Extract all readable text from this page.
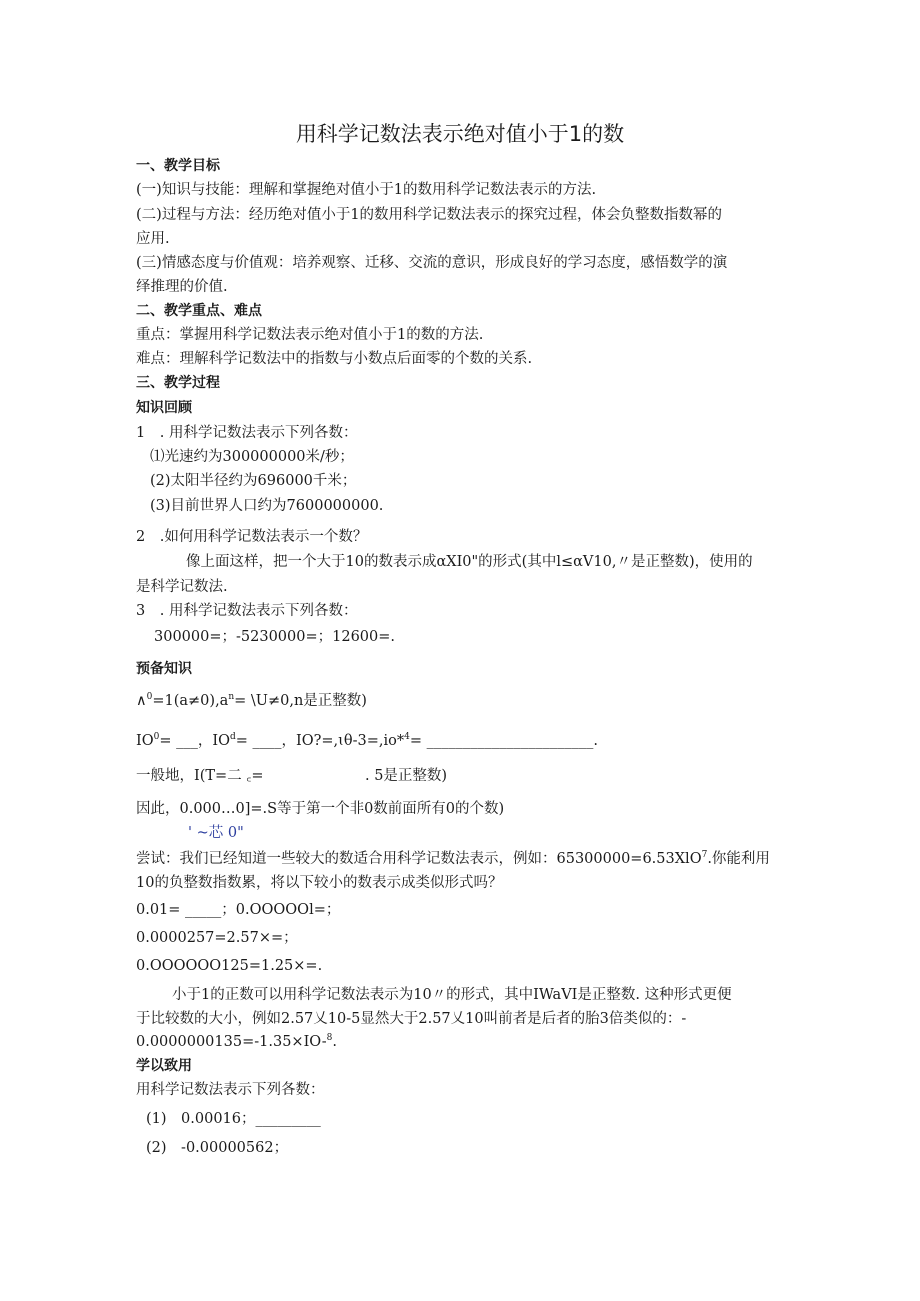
用科学记数法表示绝对值小于1的数
一、教学目标
(一)知识与技能：理解和掌握绝对值小于1的数用科学记数法表示的方法.
(二)过程与方法：经历绝对值小于1的数用科学记数法表示的探究过程，体会负整数指数幂的
应用.
(三)情感态度与价值观：培养观察、迁移、交流的意识，形成良好的学习态度，感悟数学的演
绎推理的价值.
二、教学重点、难点
重点：掌握用科学记数法表示绝对值小于1的数的方法.
难点：理解科学记数法中的指数与小数点后面零的个数的关系.
三、教学过程
知识回顾
1　. 用科学记数法表示下列各数：
⑴光速约为300000000米/秒；
(2)太阳半径约为696000千米；
(3)目前世界人口约为7600000000.
2　.如何用科学记数法表示一个数？
像上面这样，把一个大于10的数表示成αXI0"的形式(其中l≤αV10,〃是正整数)，使用的
是科学记数法.
3　. 用科学记数法表示下列各数：
300000=；-5230000=；12600=.
预备知识
$\wedge^0=1(a\ne 0),a^n=$ \U≠0,n是正整数)
$IO^0=$ ___，$IO^d=$ ____，IO?=,ɩθ-3=,io*$^4$= _______________________.
一般地，I(T=二 ꜀=　　　　　　　. 5是正整数)
因此，0.000…0]=.S等于第一个非0数前面所有0的个数)
' ~芯 0"
尝试：我们已经知道一些较大的数适合用科学记数法表示，例如：65300000=6.53XlO$^7$.你能利用
10的负整数指数累，将以下较小的数表示成类似形式吗？
0.01= _____；0.OOOOOl=；
0.0000257=2.57×=；
0.OOOOOO125=1.25×=.
小于1的正数可以用科学记数法表示为10〃的形式，其中IWaVI是正整数. 这种形式更便
于比较数的大小，例如2.57乂10-5显然大于2.57乂10叫前者是后者的胎3倍类似的：-
0.0000000135=-1.35×IO-$^8$.
学以致用
用科学记数法表示下列各数：
(1)　0.00016；_________
(2)　-0.00000562；
